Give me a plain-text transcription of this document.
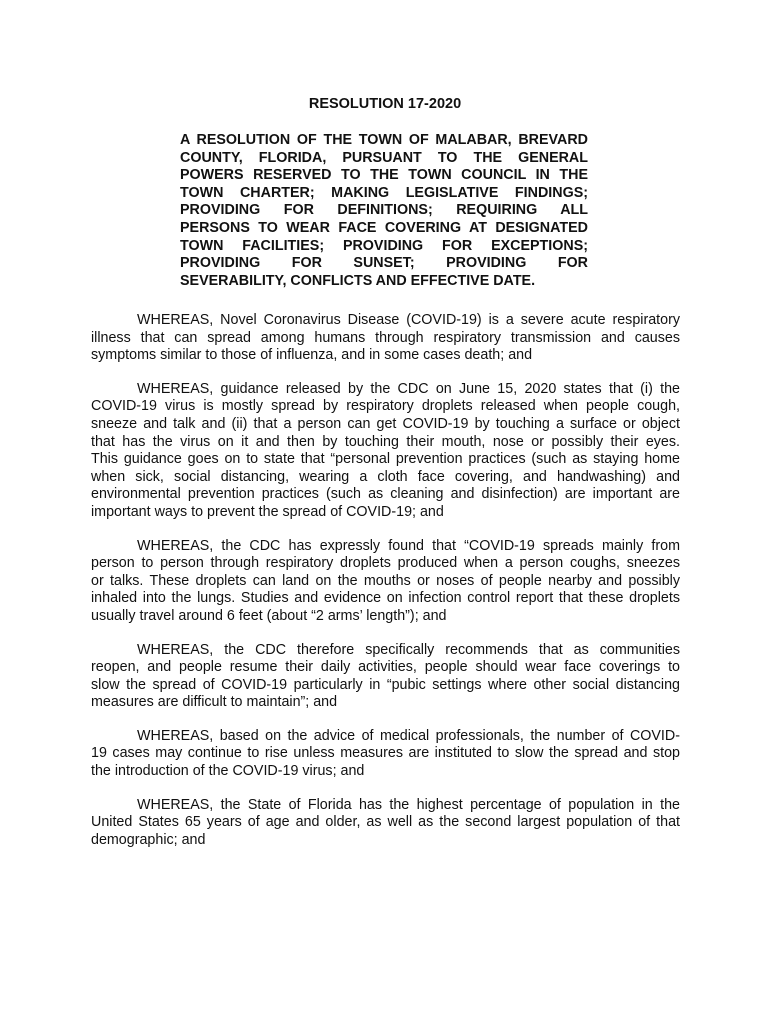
RESOLUTION 17-2020
A RESOLUTION OF THE TOWN OF MALABAR, BREVARD
COUNTY, FLORIDA, PURSUANT TO THE GENERAL
POWERS RESERVED TO THE TOWN COUNCIL IN THE
TOWN CHARTER; MAKING LEGISLATIVE FINDINGS;
PROVIDING FOR DEFINITIONS; REQUIRING ALL
PERSONS TO WEAR FACE COVERING AT DESIGNATED
TOWN FACILITIES; PROVIDING FOR EXCEPTIONS;
PROVIDING FOR SUNSET; PROVIDING FOR
SEVERABILITY, CONFLICTS AND EFFECTIVE DATE.

WHEREAS, Novel Coronavirus Disease (COVID-19) is a severe acute respiratory
illness that can spread among humans through respiratory transmission and causes
symptoms similar to those of influenza, and in some cases death; and

WHEREAS, guidance released by the CDC on June 15, 2020 states that (i) the
COVID-19 virus is mostly spread by respiratory droplets released when people cough,
sneeze and talk and (ii) that a person can get COVID-19 by touching a surface or object
that has the virus on it and then by touching their mouth, nose or possibly their eyes.
This guidance goes on to state that “personal prevention practices (such as staying home
when sick, social distancing, wearing a cloth face covering, and handwashing) and
environmental prevention practices (such as cleaning and disinfection) are important are
important ways to prevent the spread of COVID-19; and

WHEREAS, the CDC has expressly found that “COVID-19 spreads mainly from
person to person through respiratory droplets produced when a person coughs, sneezes
or talks. These droplets can land on the mouths or noses of people nearby and possibly
inhaled into the lungs. Studies and evidence on infection control report that these droplets
usually travel around 6 feet (about “2 arms’ length”); and

WHEREAS, the CDC therefore specifically recommends that as communities
reopen, and people resume their daily activities, people should wear face coverings to
slow the spread of COVID-19 particularly in “pubic settings where other social distancing
measures are difficult to maintain”; and

WHEREAS, based on the advice of medical professionals, the number of COVID-
19 cases may continue to rise unless measures are instituted to slow the spread and stop
the introduction of the COVID-19 virus; and

WHEREAS, the State of Florida has the highest percentage of population in the
United States 65 years of age and older, as well as the second largest population of that
demographic; and
